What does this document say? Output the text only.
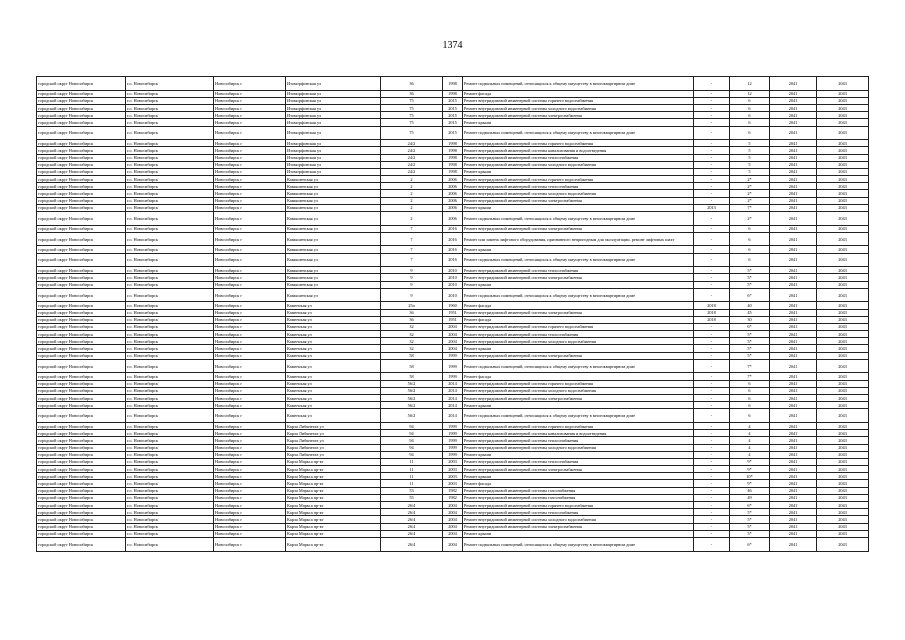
1374
городской округ Новосибирск	г.о. Новосибирск	Новосибирск г	Изоморфонская ул	36	1998	Ремонт подвальных помещений, относящихся к общему имуществу в многоквартирном доме	-	12	2041	2043
городской округ Новосибирск	г.о. Новосибирск	Новосибирск г	Изоморфонская ул	36	1998	Ремонт фасада	-	12	2041	2043
городской округ Новосибирск	г.о. Новосибирск	Новосибирск г	Изоморфонская ул	75	2015	Ремонт внутридомовой инженерной системы горячего водоснабжения	-	6	2041	2043
городской округ Новосибирск	г.о. Новосибирск	Новосибирск г	Изоморфонская ул	75	2015	Ремонт внутридомовой инженерной системы холодного водоснабжения	-	6	2041	2043
городской округ Новосибирск	г.о. Новосибирск	Новосибирск г	Изоморфонская ул	75	2015	Ремонт внутридомовой инженерной системы электроснабжения	-	6	2041	2043
городской округ Новосибирск	г.о. Новосибирск	Новосибирск г	Изоморфонская ул	75	2015	Ремонт крыши	-	6	2041	2043
городской округ Новосибирск	г.о. Новосибирск	Новосибирск г	Изоморфонская ул	75	2015	Ремонт подвальных помещений, относящихся к общему имуществу в многоквартирном доме	-	6	2041	2043
городской округ Новосибирск	г.о. Новосибирск	Новосибирск г	Изоморфонская ул	24/2	1998	Ремонт внутридомовой инженерной системы горячего водоснабжения	-	5	2041	2043
городской округ Новосибирск	г.о. Новосибирск	Новосибирск г	Изоморфонская ул	24/2	1998	Ремонт внутридомовой инженерной системы канализования и водоотведения	-	5	2041	2043
городской округ Новосибирск	г.о. Новосибирск	Новосибирск г	Изоморфонская ул	24/2	1998	Ремонт внутридомовой инженерной системы теплоснабжения	-	5	2041	2043
городской округ Новосибирск	г.о. Новосибирск	Новосибирск г	Изоморфонская ул	24/2	1998	Ремонт внутридомовой инженерной системы холодного водоснабжения	-	5	2041	2043
городской округ Новосибирск	г.о. Новосибирск	Новосибирск г	Изоморфонская ул	24/2	1998	Ремонт крыши	-	5	2041	2043
городской округ Новосибирск	г.о. Новосибирск	Новосибирск г	Камышенская ул	2	2006	Ремонт внутридомовой инженерной системы горячего водоснабжения	-	2*	2041	2043
городской округ Новосибирск	г.о. Новосибирск	Новосибирск г	Камышенская ул	2	2006	Ремонт внутридомовой инженерной системы теплоснабжения	-	2*	2041	2043
городской округ Новосибирск	г.о. Новосибирск	Новосибирск г	Камышенская ул	2	2006	Ремонт внутридомовой инженерной системы холодного водоснабжения	-	2*	2041	2043
городской округ Новосибирск	г.о. Новосибирск	Новосибирск г	Камышенская ул	2	2006	Ремонт внутридомовой инженерной системы электроснабжения	-	2*	2041	2043
городской округ Новосибирск	г.о. Новосибирск	Новосибирск г	Камышенская ул	2	2006	Ремонт крыши	2013	7*	2041	2043
городской округ Новосибирск	г.о. Новосибирск	Новосибирск г	Камышенская ул	2	2006	Ремонт подвальных помещений, относящихся к общему имуществу в многоквартирном доме	-	2*	2041	2043
городской округ Новосибирск	г.о. Новосибирск	Новосибирск г	Камышенская ул	7	2016	Ремонт внутридомовой инженерной системы электроснабжения	-	6	2041	2043
городской округ Новосибирск	г.о. Новосибирск	Новосибирск г	Камышенская ул	7	2016	Ремонт или замена лифтового оборудования, признанного непригодным для эксплуатации, ремонт лифтовых шахт	-	6	2041	2043
городской округ Новосибирск	г.о. Новосибирск	Новосибирск г	Камышенская ул	7	2016	Ремонт крыши	-	6	2041	2043
городской округ Новосибирск	г.о. Новосибирск	Новосибирск г	Камышенская ул	7	2016	Ремонт подвальных помещений, относящихся к общему имуществу в многоквартирном доме	-	6	2041	2043
городской округ Новосибирск	г.о. Новосибирск	Новосибирск г	Камышенская ул	9	2010	Ремонт внутридомовой инженерной системы теплоснабжения	-	5*	2041	2043
городской округ Новосибирск	г.о. Новосибирск	Новосибирск г	Камышенская ул	9	2010	Ремонт внутридомовой инженерной системы электроснабжения	-	5*	2041	2043
городской округ Новосибирск	г.о. Новосибирск	Новосибирск г	Камышенская ул	9	2010	Ремонт крыши	-	5*	2041	2043
городской округ Новосибирск	г.о. Новосибирск	Новосибирск г	Камышенская ул	9	2010	Ремонт подвальных помещений, относящихся к общему имуществу в многоквартирном доме	-	6*	2041	2043
городской округ Новосибирск	г.о. Новосибирск	Новосибирск г	Каменская ул	25а	1960	Ремонт фасада	2018	40	2041	2043
городской округ Новосибирск	г.о. Новосибирск	Новосибирск г	Каменская ул	36	1951	Ремонт внутридомовой инженерной системы электроснабжения	2018	45	2041	2043
городской округ Новосибирск	г.о. Новосибирск	Новосибирск г	Каменская ул	36	1951	Ремонт фасада	2018	30	2041	2043
городской округ Новосибирск	г.о. Новосибирск	Новосибирск г	Каменская ул	32	2004	Ремонт внутридомовой инженерной системы горячего водоснабжения	-	6*	2041	2043
городской округ Новосибирск	г.о. Новосибирск	Новосибирск г	Каменская ул	32	2004	Ремонт внутридомовой инженерной системы теплоснабжения	-	5*	2041	2043
городской округ Новосибирск	г.о. Новосибирск	Новосибирск г	Каменская ул	32	2004	Ремонт внутридомовой инженерной системы холодного водоснабжения	-	5*	2041	2043
городской округ Новосибирск	г.о. Новосибирск	Новосибирск г	Каменская ул	32	2004	Ремонт крыши	-	5*	2041	2043
городской округ Новосибирск	г.о. Новосибирск	Новосибирск г	Каменская ул	58	1999	Ремонт внутридомовой инженерной системы электроснабжения	-	5*	2041	2043
городской округ Новосибирск	г.о. Новосибирск	Новосибирск г	Каменская ул	58	1999	Ремонт подвальных помещений, относящихся к общему имуществу в многоквартирном доме	-	7*	2041	2043
городской округ Новосибирск	г.о. Новосибирск	Новосибирск г	Каменская ул	58	1999	Ремонт фасада	-	7*	2041	2043
городской округ Новосибирск	г.о. Новосибирск	Новосибирск г	Каменская ул	56/2	2014	Ремонт внутридомовой инженерной системы горячего водоснабжения	-	6	2041	2043
городской округ Новосибирск	г.о. Новосибирск	Новосибирск г	Каменская ул	56/2	2014	Ремонт внутридомовой инженерной системы холодного водоснабжения	-	6	2041	2043
городской округ Новосибирск	г.о. Новосибирск	Новосибирск г	Каменская ул	56/2	2014	Ремонт внутридомовой инженерной системы электроснабжения	-	6	2041	2043
городской округ Новосибирск	г.о. Новосибирск	Новосибирск г	Каменская ул	56/2	2014	Ремонт крыши	-	6	2041	2043
городской округ Новосибирск	г.о. Новосибирск	Новосибирск г	Каменская ул	56/2	2014	Ремонт подвальных помещений, относящихся к общему имуществу в многоквартирном доме	-	6	2041	2043
городской округ Новосибирск	г.о. Новосибирск	Новосибирск г	Карла Либкнехта ул	94	1999	Ремонт внутридомовой инженерной системы горячего водоснабжения	-	4	2041	2043
городской округ Новосибирск	г.о. Новосибирск	Новосибирск г	Карла Либкнехта ул	94	1999	Ремонт внутридомовой инженерной системы канализования и водоотведения	-	4	2041	2043
городской округ Новосибирск	г.о. Новосибирск	Новосибирск г	Карла Либкнехта ул	94	1999	Ремонт внутридомовой инженерной системы теплоснабжения	-	4	2041	2043
городской округ Новосибирск	г.о. Новосибирск	Новосибирск г	Карла Либкнехта ул	94	1999	Ремонт внутридомовой инженерной системы холодного водоснабжения	-	4	2041	2043
городской округ Новосибирск	г.о. Новосибирск	Новосибирск г	Карла Либкнехта ул	94	1999	Ремонт крыши	-	4	2041	2043
городской округ Новосибирск	г.о. Новосибирск	Новосибирск г	Карла Маркса пр-кт	11	2003	Ремонт внутридомовой инженерной системы теплоснабжения	-	9*	2041	2043
городской округ Новосибирск	г.о. Новосибирск	Новосибирск г	Карла Маркса пр-кт	11	2003	Ремонт внутридомовой инженерной системы электроснабжения	-	9*	2041	2043
городской округ Новосибирск	г.о. Новосибирск	Новосибирск г	Карла Маркса пр-кт	11	2003	Ремонт крыши	-	10*	2041	2043
городской округ Новосибирск	г.о. Новосибирск	Новосибирск г	Карла Маркса пр-кт	11	2003	Ремонт фасада	-	9*	2041	2043
городской округ Новосибирск	г.о. Новосибирск	Новосибирск г	Карла Маркса пр-кт	53	1982	Ремонт внутридомовой инженерной системы газоснабжения	-	46	2041	2043
городской округ Новосибирск	г.о. Новосибирск	Новосибирск г	Карла Маркса пр-кт	55	1982	Ремонт внутридомовой инженерной системы газоснабжения	-	49	2041	2043
городской округ Новосибирск	г.о. Новосибирск	Новосибирск г	Карла Маркса пр-кт	26/4	2004	Ремонт внутридомовой инженерной системы горячего водоснабжения	-	6*	2041	2043
городской округ Новосибирск	г.о. Новосибирск	Новосибирск г	Карла Маркса пр-кт	26/4	2004	Ремонт внутридомовой инженерной системы теплоснабжения	-	5*	2041	2043
городской округ Новосибирск	г.о. Новосибирск	Новосибирск г	Карла Маркса пр-кт	26/4	2004	Ремонт внутридомовой инженерной системы холодного водоснабжения	-	5*	2041	2043
городской округ Новосибирск	г.о. Новосибирск	Новосибирск г	Карла Маркса пр-кт	26/4	2004	Ремонт внутридомовой инженерной системы электроснабжения	-	5*	2041	2043
городской округ Новосибирск	г.о. Новосибирск	Новосибирск г	Карла Маркса пр-кт	26/4	2004	Ремонт крыши	-	5*	2041	2043
городской округ Новосибирск	г.о. Новосибирск	Новосибирск г	Карла Маркса пр-кт	26/4	2004	Ремонт подвальных помещений, относящихся к общему имуществу в многоквартирном доме	-	6*	2041	2043
